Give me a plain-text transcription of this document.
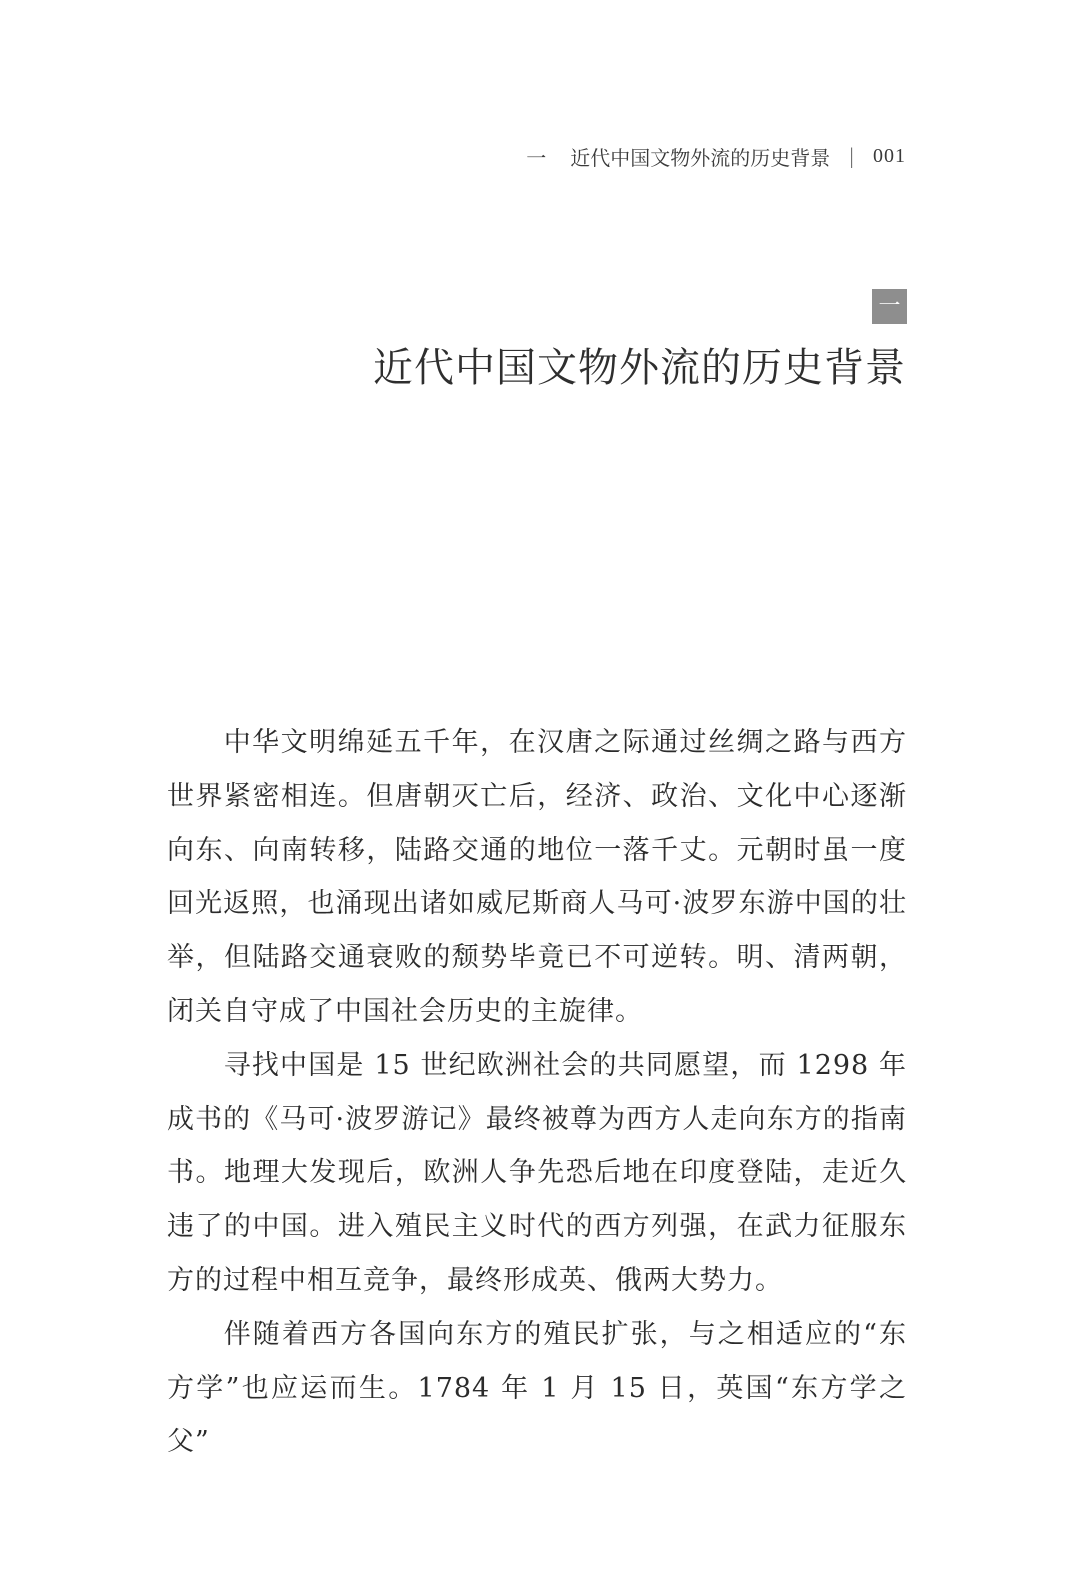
一 近代中国文物外流的历史背景 | 001
一
近代中国文物外流的历史背景

中华文明绵延五千年，在汉唐之际通过丝绸之路与西方世界紧密相连。但唐朝灭亡后，经济、政治、文化中心逐渐向东、向南转移，陆路交通的地位一落千丈。元朝时虽一度回光返照，也涌现出诸如威尼斯商人马可·波罗东游中国的壮举，但陆路交通衰败的颓势毕竟已不可逆转。明、清两朝，闭关自守成了中国社会历史的主旋律。

寻找中国是 15 世纪欧洲社会的共同愿望，而 1298 年成书的《马可·波罗游记》最终被尊为西方人走向东方的指南书。地理大发现后，欧洲人争先恐后地在印度登陆，走近久违了的中国。进入殖民主义时代的西方列强，在武力征服东方的过程中相互竞争，最终形成英、俄两大势力。

伴随着西方各国向东方的殖民扩张，与之相适应的“东方学”也应运而生。1784 年 1 月 15 日，英国“东方学之父”
